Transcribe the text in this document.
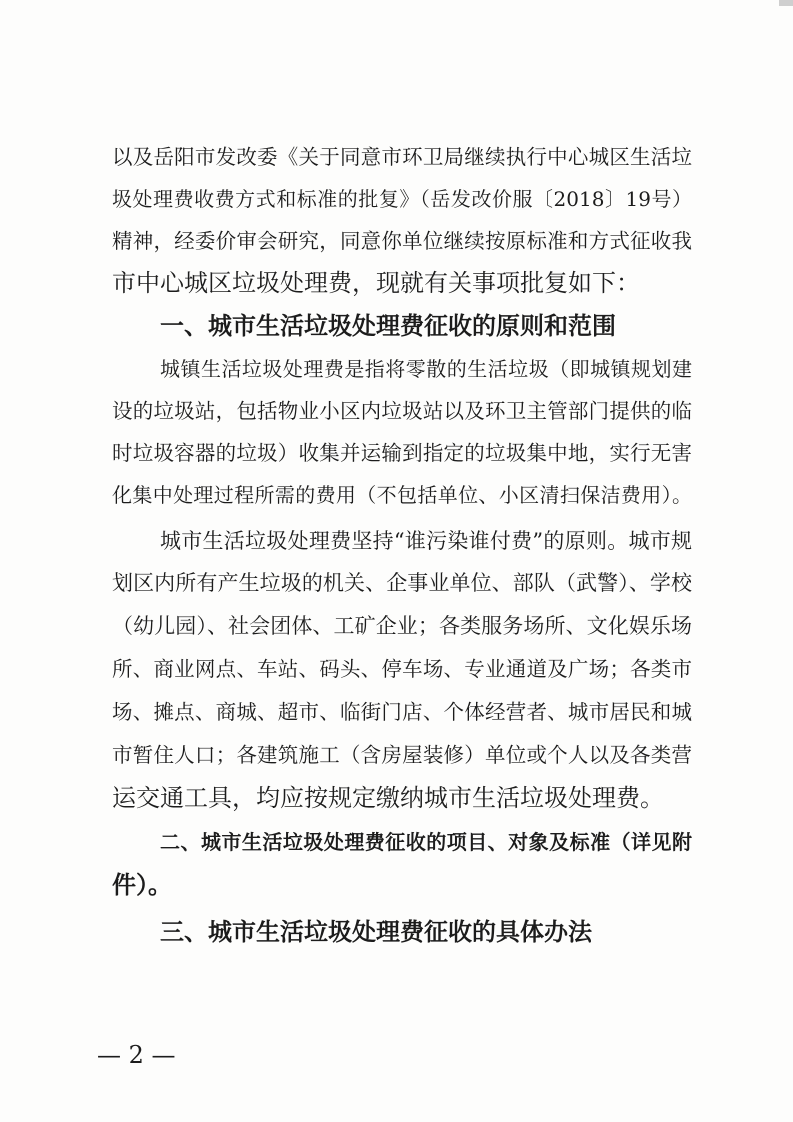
以及岳阳市发改委《关于同意市环卫局继续执行中心城区生活垃
圾处理费收费方式和标准的批复》（岳发改价服〔2018〕19号）
精神，经委价审会研究，同意你单位继续按原标准和方式征收我
市中心城区垃圾处理费，现就有关事项批复如下：
一、城市生活垃圾处理费征收的原则和范围
城镇生活垃圾处理费是指将零散的生活垃圾（即城镇规划建
设的垃圾站，包括物业小区内垃圾站以及环卫主管部门提供的临
时垃圾容器的垃圾）收集并运输到指定的垃圾集中地，实行无害
化集中处理过程所需的费用（不包括单位、小区清扫保洁费用）。
城市生活垃圾处理费坚持“谁污染谁付费”的原则。城市规
划区内所有产生垃圾的机关、企事业单位、部队（武警）、学校
（幼儿园）、社会团体、工矿企业；各类服务场所、文化娱乐场
所、商业网点、车站、码头、停车场、专业通道及广场；各类市
场、摊点、商城、超市、临街门店、个体经营者、城市居民和城
市暂住人口；各建筑施工（含房屋装修）单位或个人以及各类营
运交通工具，均应按规定缴纳城市生活垃圾处理费。
二、城市生活垃圾处理费征收的项目、对象及标准（详见附
件）。
三、城市生活垃圾处理费征收的具体办法
— 2 —
